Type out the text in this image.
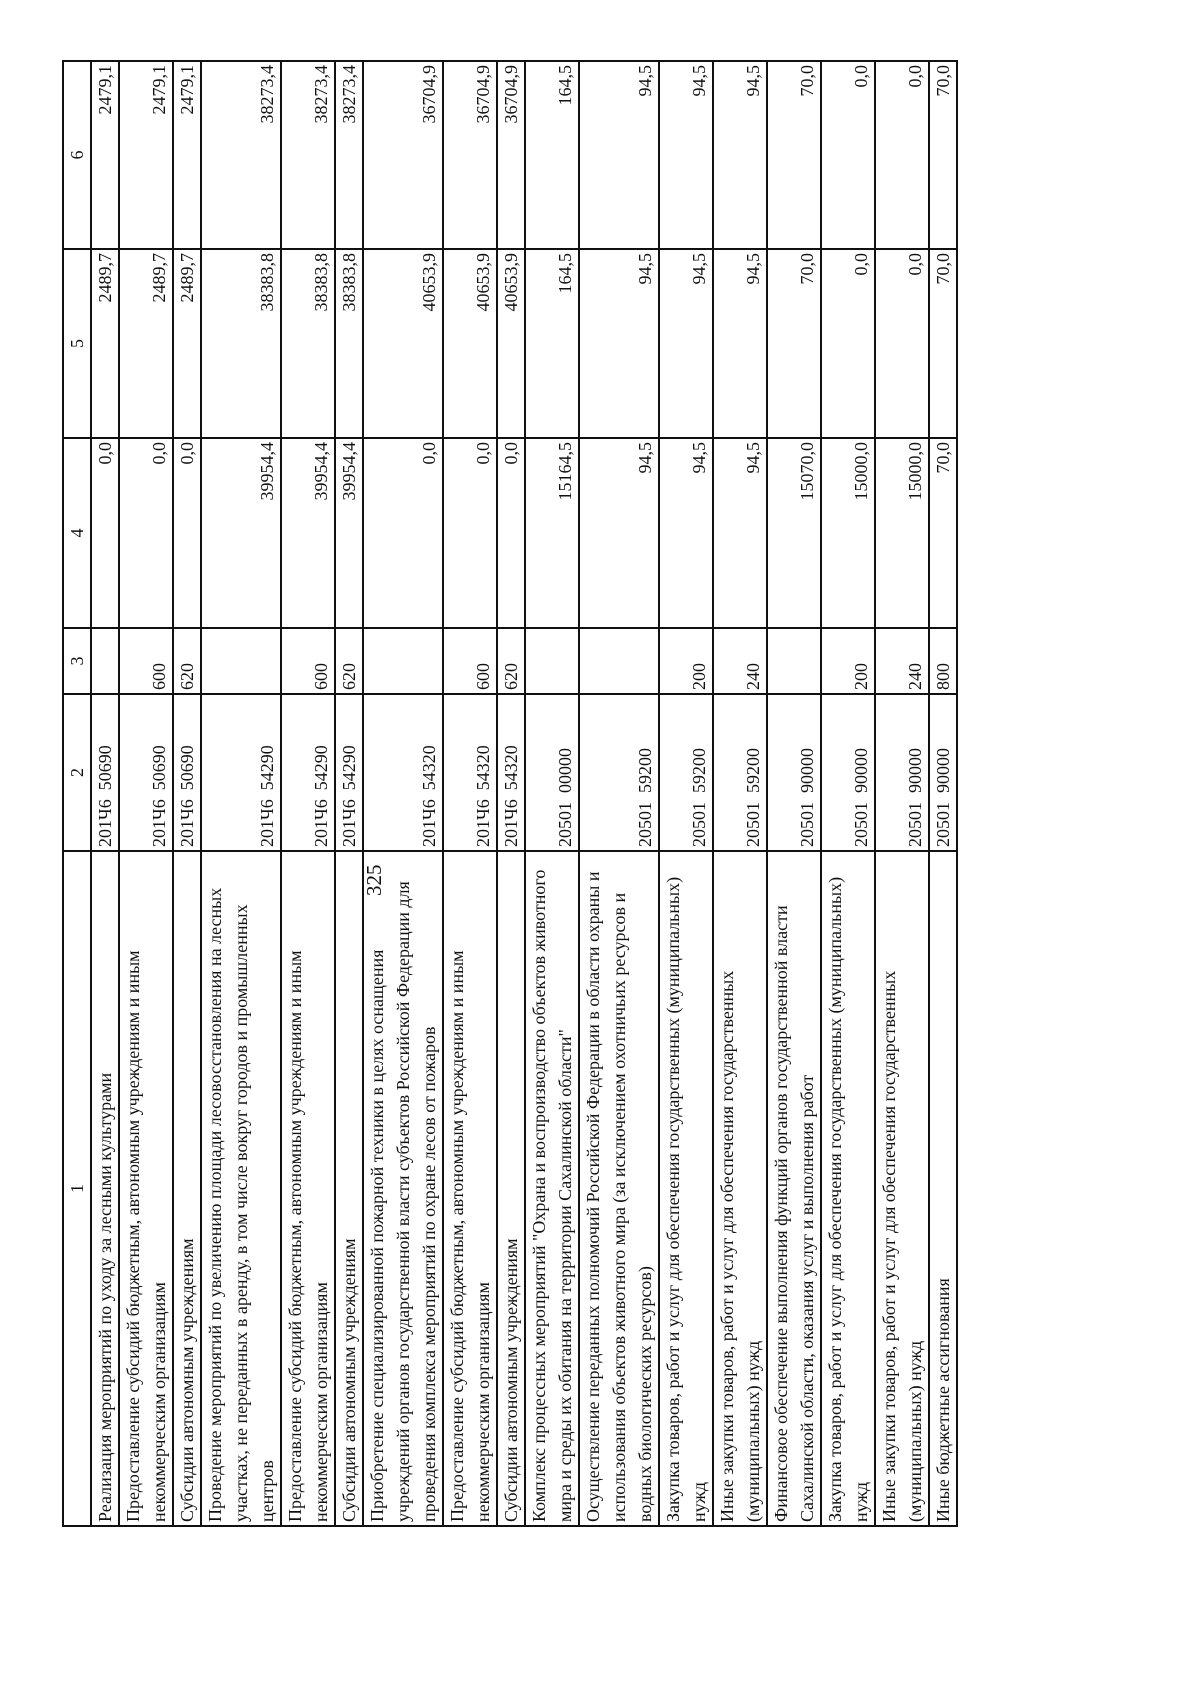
325
1	2	3	4	5	6
Реализация мероприятий по уходу за лесными культурами	201Ч6  50690		0,0	2489,7	2479,1
Предоставление субсидий бюджетным, автономным учреждениям и иным некоммерческим организациям	201Ч6  50690	600	0,0	2489,7	2479,1
Субсидии автономным учреждениям	201Ч6  50690	620	0,0	2489,7	2479,1
Проведение мероприятий по увеличению площади лесовосстановления на лесных участках, не переданных в аренду, в том числе вокруг городов и промышленных центров	201Ч6  54290		39954,4	38383,8	38273,4
Предоставление субсидий бюджетным, автономным учреждениям и иным некоммерческим организациям	201Ч6  54290	600	39954,4	38383,8	38273,4
Субсидии автономным учреждениям	201Ч6  54290	620	39954,4	38383,8	38273,4
Приобретение специализированной пожарной техники в целях оснащения учреждений органов государственной власти субъектов Российской Федерации для проведения комплекса мероприятий по охране лесов от пожаров	201Ч6  54320		0,0	40653,9	36704,9
Предоставление субсидий бюджетным, автономным учреждениям и иным некоммерческим организациям	201Ч6  54320	600	0,0	40653,9	36704,9
Субсидии автономным учреждениям	201Ч6  54320	620	0,0	40653,9	36704,9
Комплекс процессных мероприятий "Охрана и воспроизводство объектов животного мира и среды их обитания на территории Сахалинской области"	20501  00000		15164,5	164,5	164,5
Осуществление переданных полномочий Российской Федерации в области охраны и использования объектов животного мира (за исключением охотничьих ресурсов и водных биологических ресурсов)	20501  59200		94,5	94,5	94,5
Закупка товаров, работ и услуг для обеспечения государственных (муниципальных) нужд	20501  59200	200	94,5	94,5	94,5
Иные закупки товаров, работ и услуг для обеспечения государственных (муниципальных) нужд	20501  59200	240	94,5	94,5	94,5
Финансовое обеспечение выполнения функций органов государственной власти Сахалинской области, оказания услуг и выполнения работ	20501  90000		15070,0	70,0	70,0
Закупка товаров, работ и услуг для обеспечения государственных (муниципальных) нужд	20501  90000	200	15000,0	0,0	0,0
Иные закупки товаров, работ и услуг для обеспечения государственных (муниципальных) нужд	20501  90000	240	15000,0	0,0	0,0
Иные бюджетные ассигнования	20501  90000	800	70,0	70,0	70,0
